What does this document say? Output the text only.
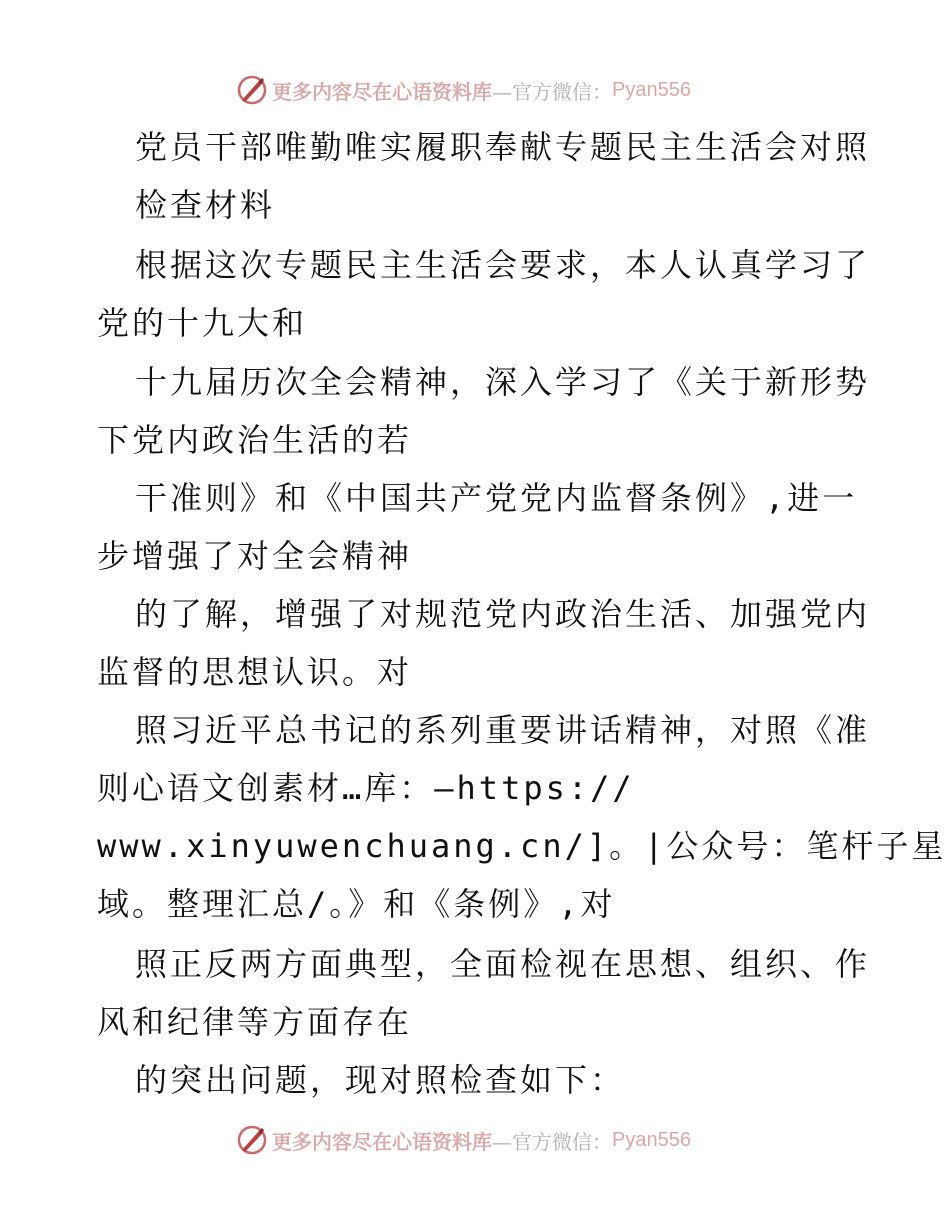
更多内容尽在心语资料库 —官方微信： Pyan556
党员干部唯勤唯实履职奉献专题民主生活会对照
检查材料
根据这次专题民主生活会要求，本人认真学习了
党的十九大和
十九届历次全会精神，深入学习了《关于新形势
下党内政治生活的若
干准则》和《中国共产党党内监督条例》,进一
步增强了对全会精神
的了解，增强了对规范党内政治生活、加强党内
监督的思想认识。对
照习近平总书记的系列重要讲话精神，对照《准
则心语文创素材…库：—https://
www.xinyuwenchuang.cn/]。|公众号：笔杆子星
域。整理汇总/。》和《条例》,对
照正反两方面典型，全面检视在思想、组织、作
风和纪律等方面存在
的突出问题，现对照检查如下：
更多内容尽在心语资料库 —官方微信： Pyan556
